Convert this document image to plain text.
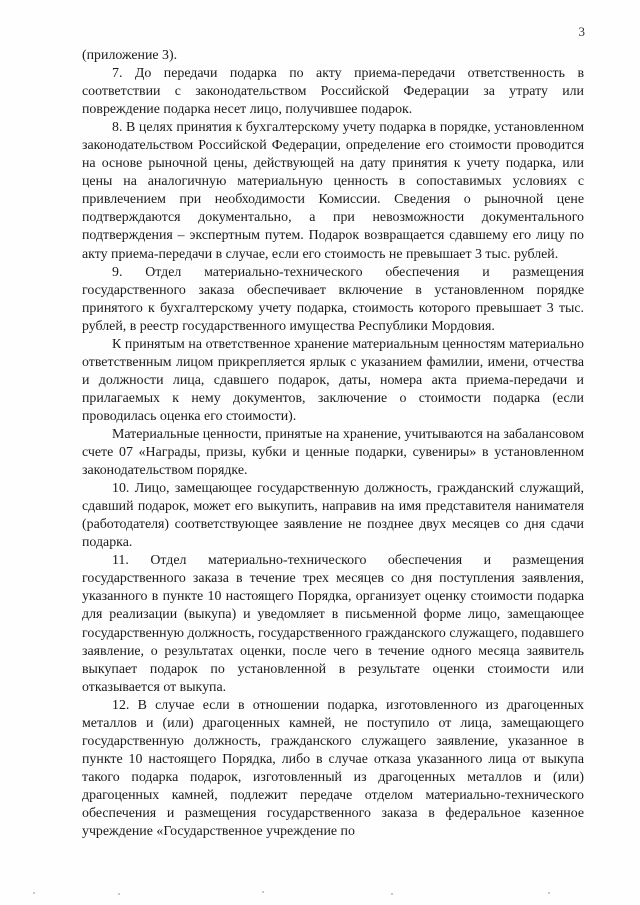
3

(приложение 3).

7. До передачи подарка по акту приема-передачи ответственность в соответствии с законодательством Российской Федерации за утрату или повреждение подарка несет лицо, получившее подарок.

8. В целях принятия к бухгалтерскому учету подарка в порядке, установленном законодательством Российской Федерации, определение его стоимости проводится на основе рыночной цены, действующей на дату принятия к учету подарка, или цены на аналогичную материальную ценность в сопоставимых условиях с привлечением при необходимости Комиссии. Сведения о рыночной цене подтверждаются документально, а при невозможности документального подтверждения – экспертным путем. Подарок возвращается сдавшему его лицу по акту приема-передачи в случае, если его стоимость не превышает 3 тыс. рублей.

9. Отдел материально-технического обеспечения и размещения государственного заказа обеспечивает включение в установленном порядке принятого к бухгалтерскому учету подарка, стоимость которого превышает 3 тыс. рублей, в реестр государственного имущества Республики Мордовия.

К принятым на ответственное хранение материальным ценностям материально ответственным лицом прикрепляется ярлык с указанием фамилии, имени, отчества и должности лица, сдавшего подарок, даты, номера акта приема-передачи и прилагаемых к нему документов, заключение о стоимости подарка (если проводилась оценка его стоимости).

Материальные ценности, принятые на хранение, учитываются на забалансовом счете 07 «Награды, призы, кубки и ценные подарки, сувениры» в установленном законодательством порядке.

10. Лицо, замещающее государственную должность, гражданский служащий, сдавший подарок, может его выкупить, направив на имя представителя нанимателя (работодателя) соответствующее заявление не позднее двух месяцев со дня сдачи подарка.

11. Отдел материально-технического обеспечения и размещения государственного заказа в течение трех месяцев со дня поступления заявления, указанного в пункте 10 настоящего Порядка, организует оценку стоимости подарка для реализации (выкупа) и уведомляет в письменной форме лицо, замещающее государственную должность, государственного гражданского служащего, подавшего заявление, о результатах оценки, после чего в течение одного месяца заявитель выкупает подарок по установленной в результате оценки стоимости или отказывается от выкупа.

12. В случае если в отношении подарка, изготовленного из драгоценных металлов и (или) драгоценных камней, не поступило от лица, замещающего государственную должность, гражданского служащего заявление, указанное в пункте 10 настоящего Порядка, либо в случае отказа указанного лица от выкупа такого подарка подарок, изготовленный из драгоценных металлов и (или) драгоценных камней, подлежит передаче отделом материально-технического обеспечения и размещения государственного заказа в федеральное казенное учреждение «Государственное учреждение по
